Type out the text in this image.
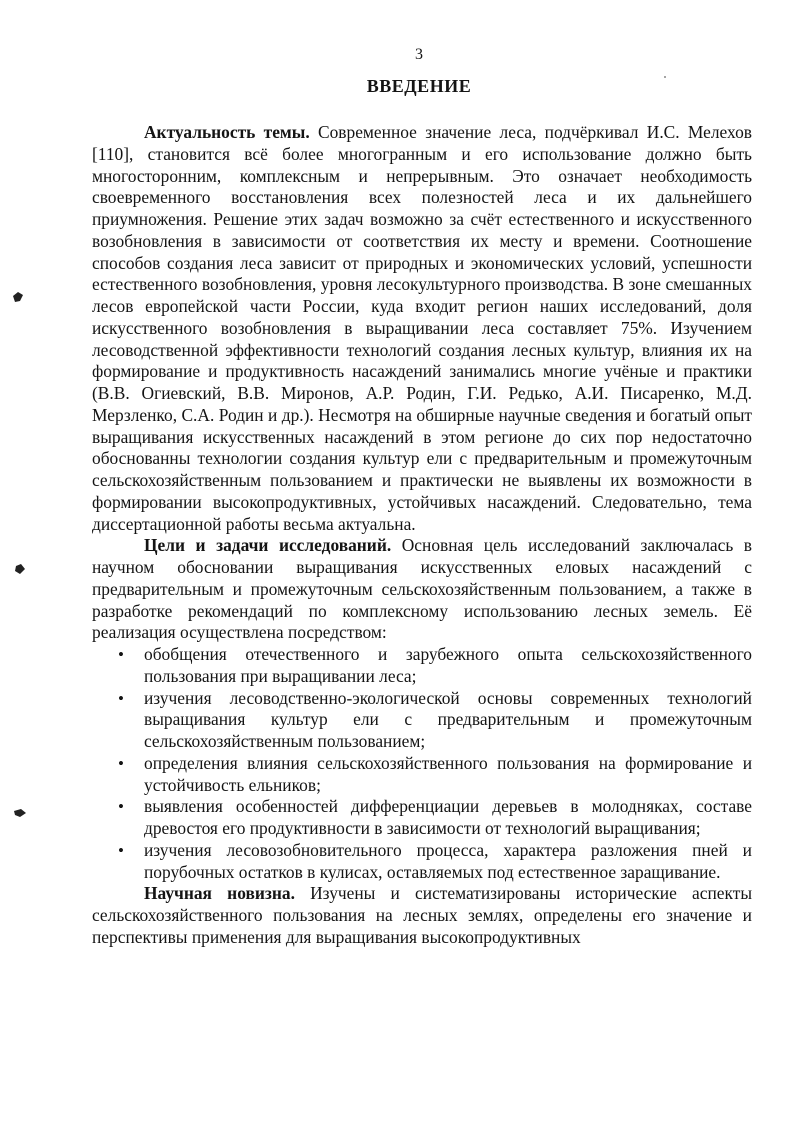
3
ВВЕДЕНИЕ

Актуальность темы. Современное значение леса, подчёркивал И.С. Мелехов [110], становится всё более многогранным и его использование должно быть многосторонним, комплексным и непрерывным. Это означает необходимость своевременного восстановления всех полезностей леса и их дальнейшего приумножения. Решение этих задач возможно за счёт естественного и искусственного возобновления в зависимости от соответствия их месту и времени. Соотношение способов создания леса зависит от природных и экономических условий, успешности естественного возобновления, уровня лесокультурного производства. В зоне смешанных лесов европейской части России, куда входит регион наших исследований, доля искусственного возобновления в выращивании леса составляет 75%. Изучением лесоводственной эффективности технологий создания лесных культур, влияния их на формирование и продуктивность насаждений занимались многие учёные и практики (В.В. Огиевский, В.В. Миронов, А.Р. Родин, Г.И. Редько, А.И. Писаренко, М.Д. Мерзленко, С.А. Родин и др.). Несмотря на обширные научные сведения и богатый опыт выращивания искусственных насаждений в этом регионе до сих пор недостаточно обоснованны технологии создания культур ели с предварительным и промежуточным сельскохозяйственным пользованием и практически не выявлены их возможности в формировании высокопродуктивных, устойчивых насаждений. Следовательно, тема диссертационной работы весьма актуальна.

Цели и задачи исследований. Основная цель исследований заключалась в научном обосновании выращивания искусственных еловых насаждений с предварительным и промежуточным сельскохозяйственным пользованием, а также в разработке рекомендаций по комплексному использованию лесных земель. Её реализация осуществлена посредством:

• обобщения отечественного и зарубежного опыта сельскохозяйственного пользования при выращивании леса;
• изучения лесоводственно-экологической основы современных технологий выращивания культур ели с предварительным и промежуточным сельскохозяйственным пользованием;
• определения влияния сельскохозяйственного пользования на формирование и устойчивость ельников;
• выявления особенностей дифференциации деревьев в молодняках, составе древостоя его продуктивности в зависимости от технологий выращивания;
• изучения лесовозобновительного процесса, характера разложения пней и порубочных остатков в кулисах, оставляемых под естественное заращивание.

Научная новизна. Изучены и систематизированы исторические аспекты сельскохозяйственного пользования на лесных землях, определены его значение и перспективы применения для выращивания высокопродуктивных
